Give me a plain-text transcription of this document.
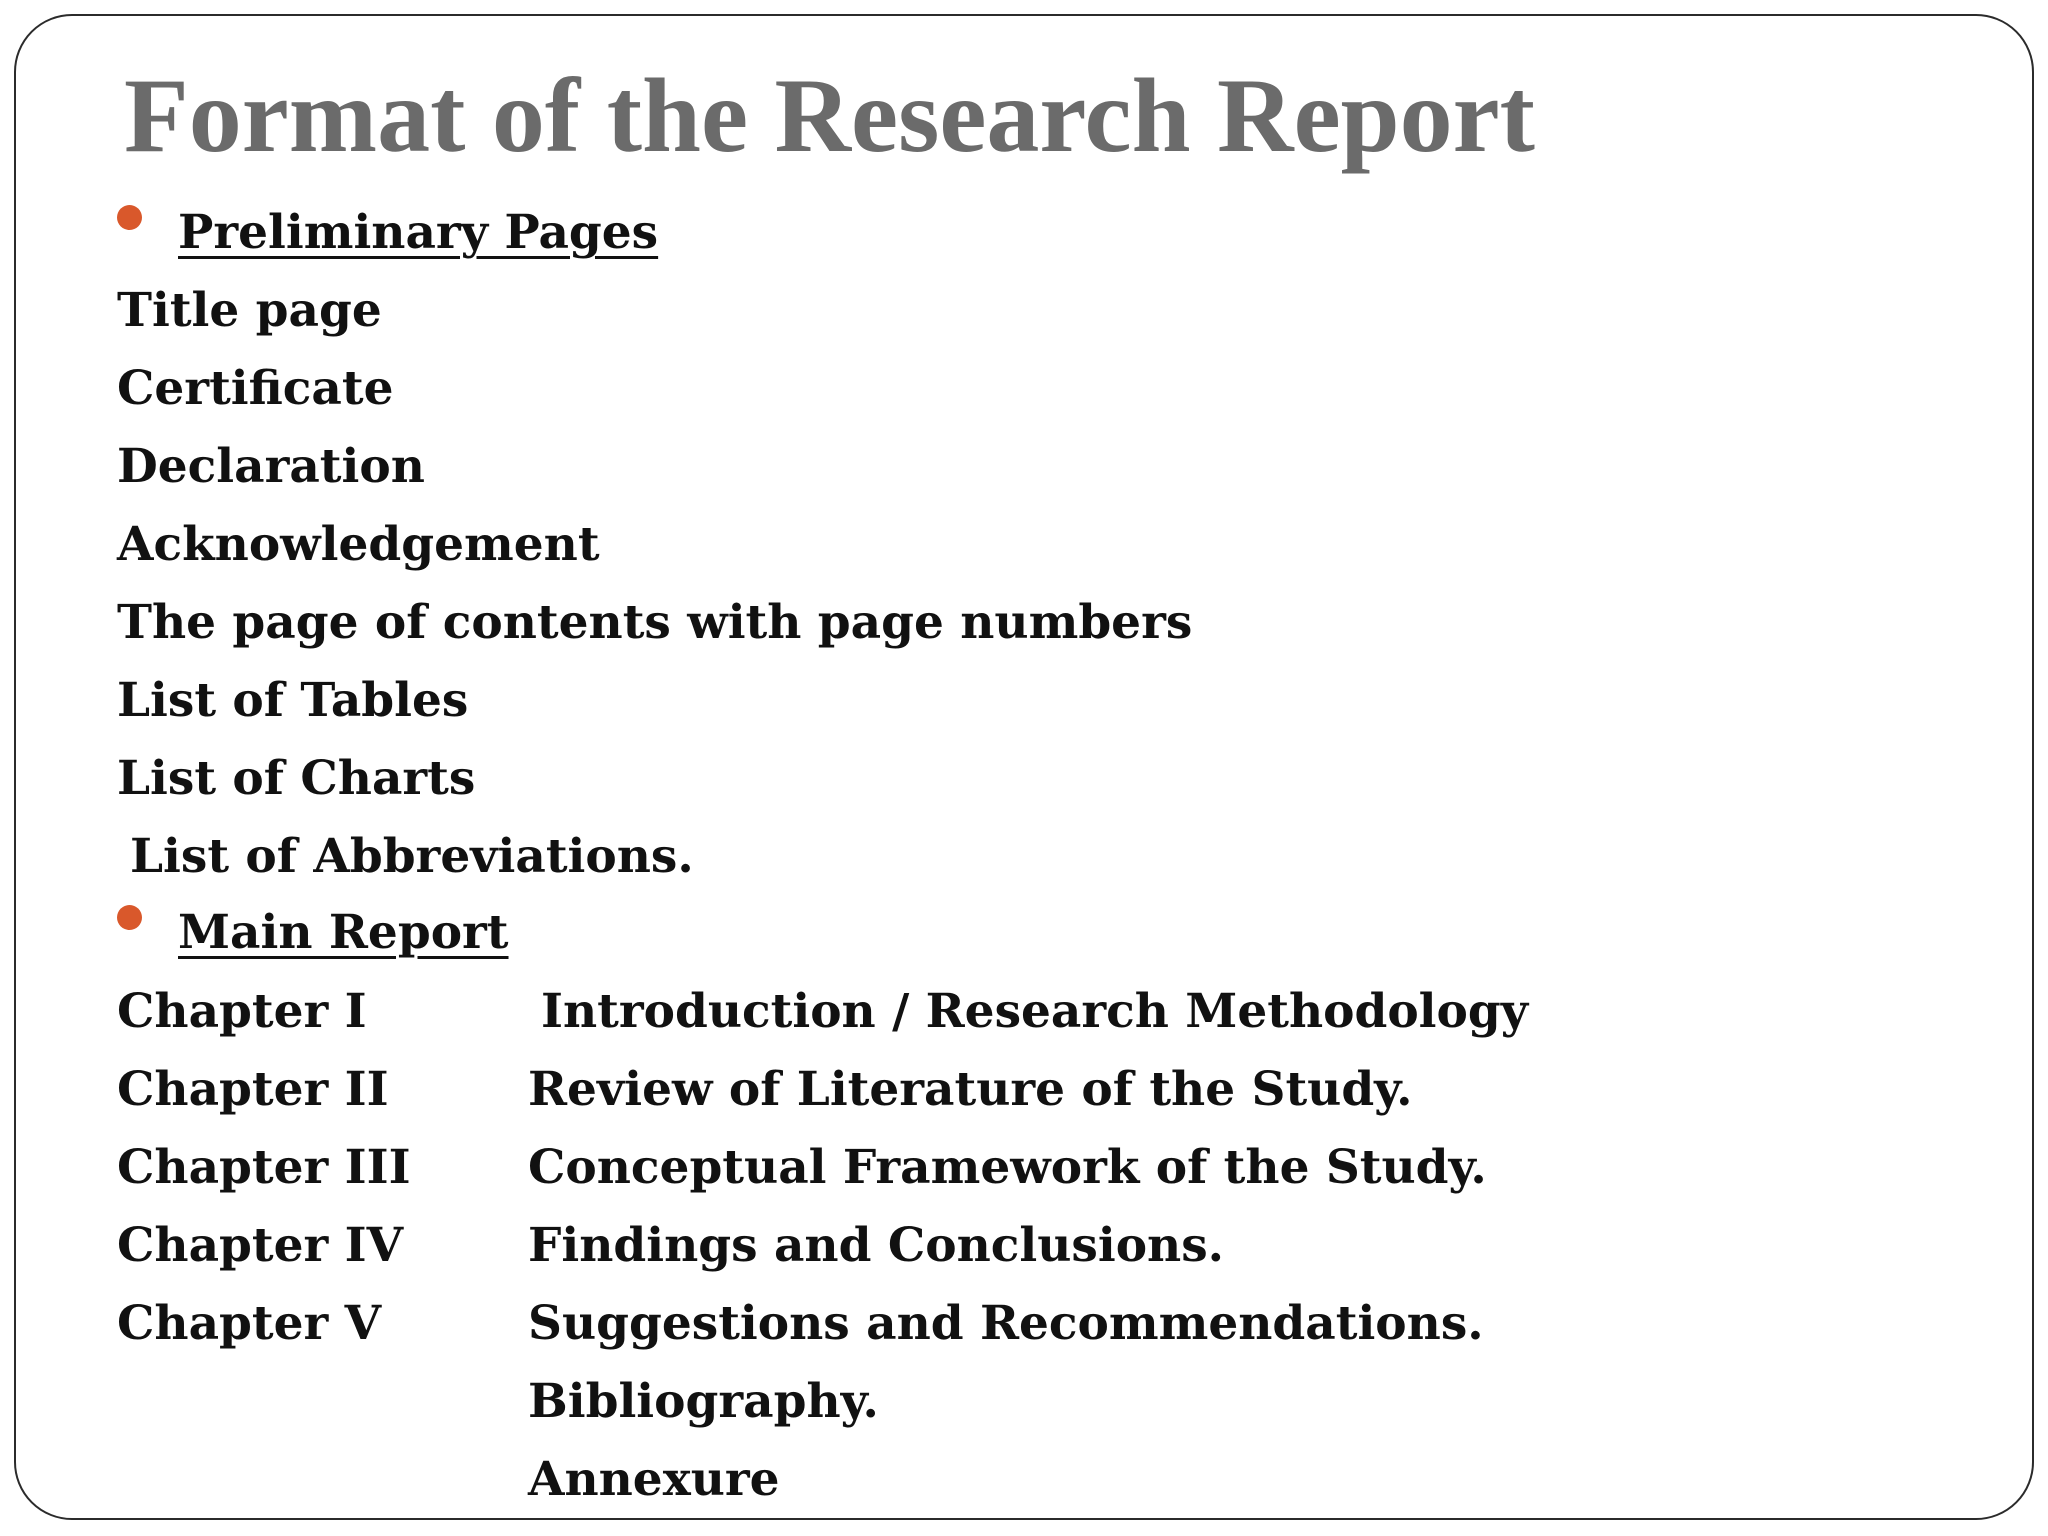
Format of the Research Report
Preliminary Pages
Title page
Certificate
Declaration
Acknowledgement
The page of contents with page numbers
List of Tables
List of Charts
List of Abbreviations.
Main Report
Chapter I	Introduction / Research Methodology
Chapter II	Review of Literature of the Study.
Chapter III Conceptual Framework of the Study.
Chapter IV	Findings and Conclusions.
Chapter V	Suggestions and Recommendations.
Bibliography.
Annexure
